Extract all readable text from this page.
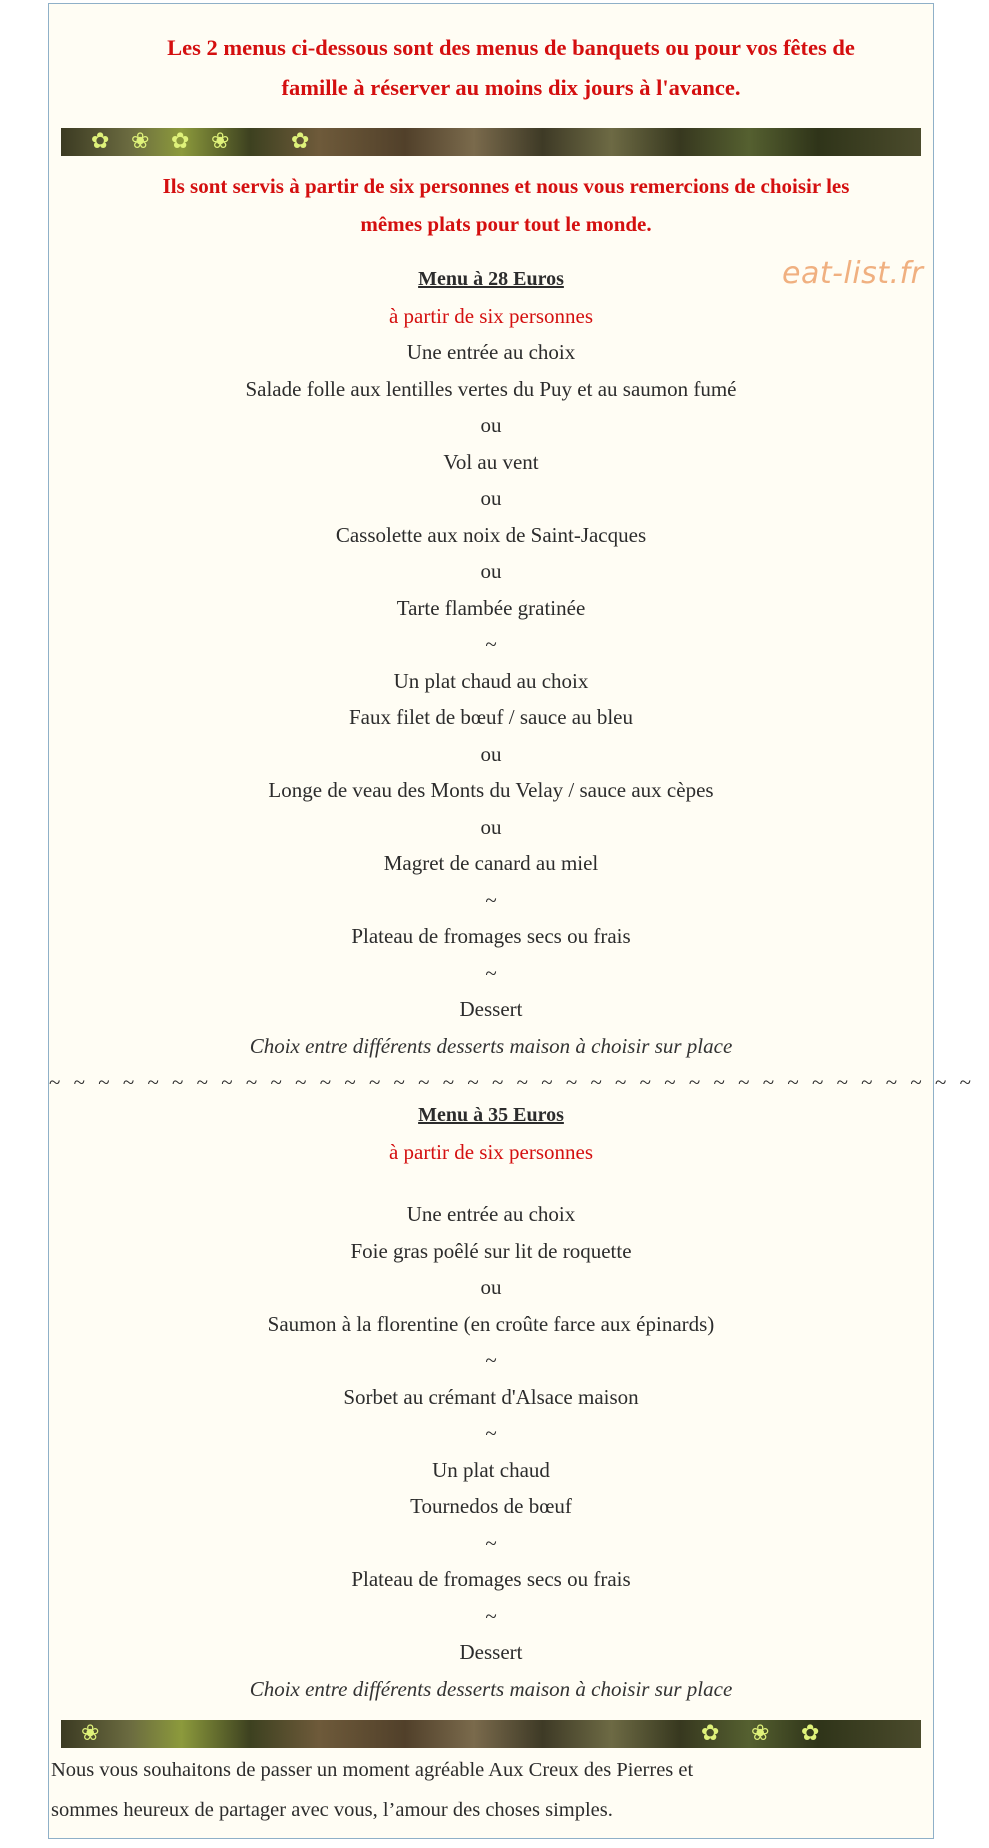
Les 2 menus ci-dessous sont des menus de banquets ou pour vos fêtes de
famille à réserver au moins dix jours à l'avance.
✿ ❀ ✿ ❀	✿
Ils sont servis à partir de six personnes et nous vous remercions de choisir les
mêmes plats pour tout le monde.
eat-list.fr
Menu à 28 Euros
à partir de six personnes
Une entrée au choix
Salade folle aux lentilles vertes du Puy et au saumon fumé
ou
Vol au vent
ou
Cassolette aux noix de Saint-Jacques
ou
Tarte flambée gratinée
~
Un plat chaud au choix
Faux filet de bœuf / sauce au bleu
ou
Longe de veau des Monts du Velay / sauce aux cèpes
ou
Magret de canard au miel
~
Plateau de fromages secs ou frais
~
Dessert
Choix entre différents desserts maison à choisir sur place
~ ~ ~ ~ ~ ~ ~ ~ ~ ~ ~ ~ ~ ~ ~ ~ ~ ~ ~ ~ ~ ~ ~ ~ ~ ~ ~ ~ ~ ~ ~ ~ ~ ~ ~ ~ ~ ~
Menu à 35 Euros
à partir de six personnes
Une entrée au choix
Foie gras poêlé sur lit de roquette
ou
Saumon à la florentine (en croûte farce aux épinards)
~
Sorbet au crémant d'Alsace maison
~
Un plat chaud
Tournedos de bœuf
~
Plateau de fromages secs ou frais
~
Dessert
Choix entre différents desserts maison à choisir sur place
✿ ❀ ✿
❀
Nous vous souhaitons de passer un moment agréable Aux Creux des Pierres et
sommes heureux de partager avec vous, l’amour des choses simples.
